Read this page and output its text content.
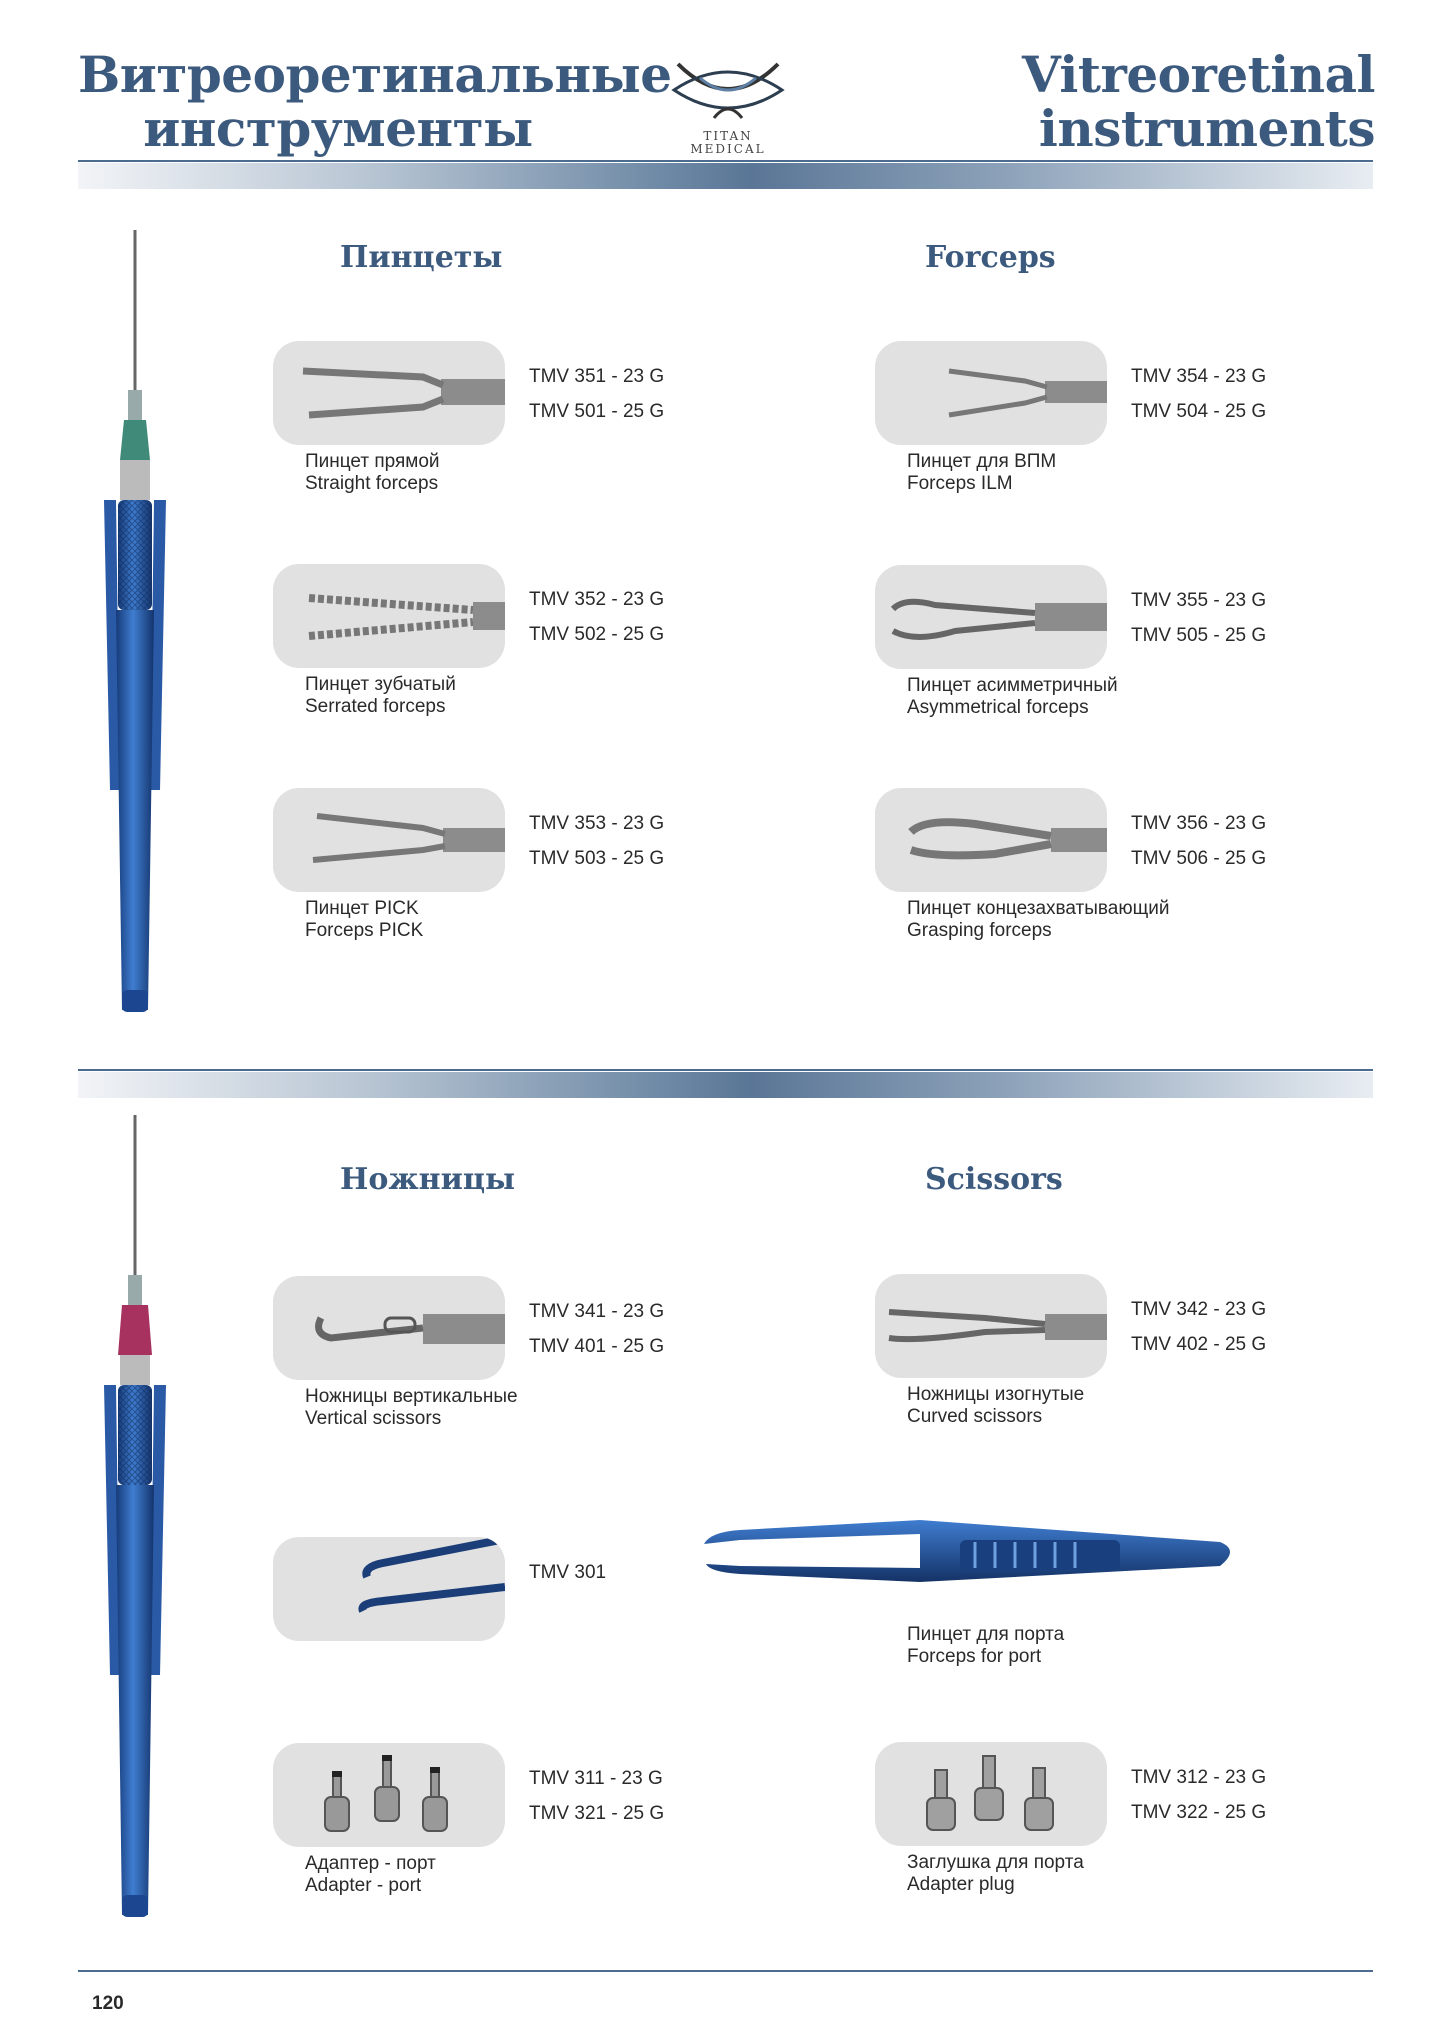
Витреоретинальные
инструменты	TITAN
MEDICAL
Vitreoretinal
instruments
Пинцеты	Forceps
TMV 351 - 23 G
TMV 501 - 25 G
Пинцет прямой
Straight forceps
TMV 354 - 23 G
TMV 504 - 25 G
Пинцет для ВПМ
Forceps ILM
TMV 352 - 23 G
TMV 502 - 25 G
Пинцет зубчатый
Serrated forceps
TMV 355 - 23 G
TMV 505 - 25 G
Пинцет асимметричный
Asymmetrical forceps
TMV 353 - 23 G
TMV 503 - 25 G
Пинцет PICK
Forceps PICK
TMV 356 - 23 G
TMV 506 - 25 G
Пинцет концезахватывающий
Grasping forceps
Ножницы	Scissors
TMV 341 - 23 G
TMV 401 - 25 G
Ножницы вертикальные
Vertical scissors
TMV 342 - 23 G
TMV 402 - 25 G
Ножницы изогнутые
Curved scissors
TMV 301
Пинцет для порта
Forceps for port
TMV 311 - 23 G
TMV 321 - 25 G
Адаптер - порт
Adapter - port
TMV 312 - 23 G
TMV 322 - 25 G
Заглушка для порта
Adapter plug
120
